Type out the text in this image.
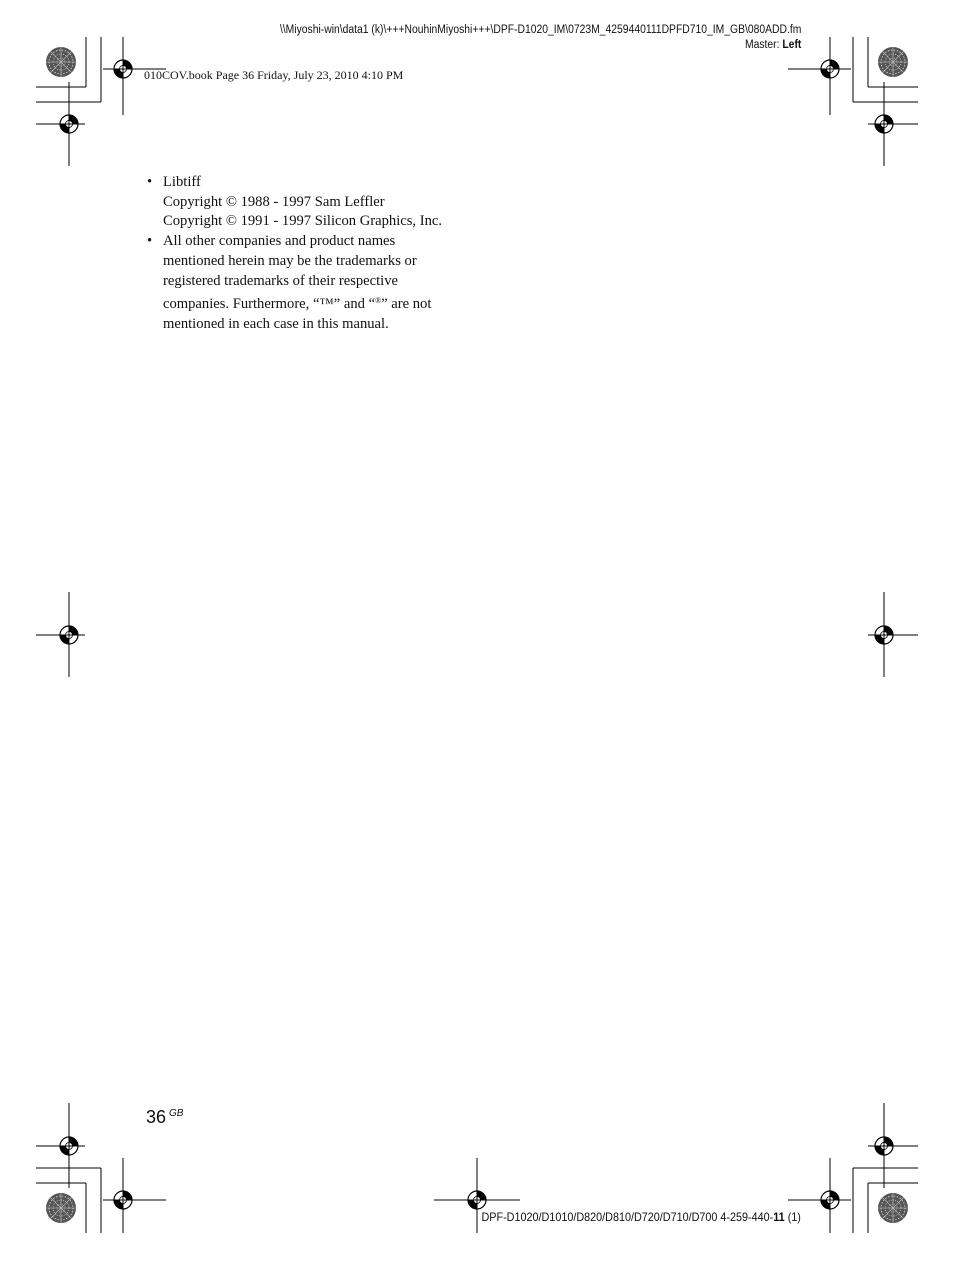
\\Miyoshi-win\data1 (k)\+++NouhinMiyoshi+++\DPF-D1020_IM\0723M_4259440111DPFD710_IM_GB\080ADD.fm
Master: Left
010COV.book Page 36 Friday, July 23, 2010 4:10 PM
• Libtiff
Copyright © 1988 - 1997 Sam Leffler
Copyright © 1991 - 1997 Silicon Graphics, Inc.
• All other companies and product names
mentioned herein may be the trademarks or
registered trademarks of their respective
companies. Furthermore, “™” and “®” are not
mentioned in each case in this manual.
36 $^{GB}$
DPF-D1020/D1010/D820/D810/D720/D710/D700 4-259-440-11 (1)
